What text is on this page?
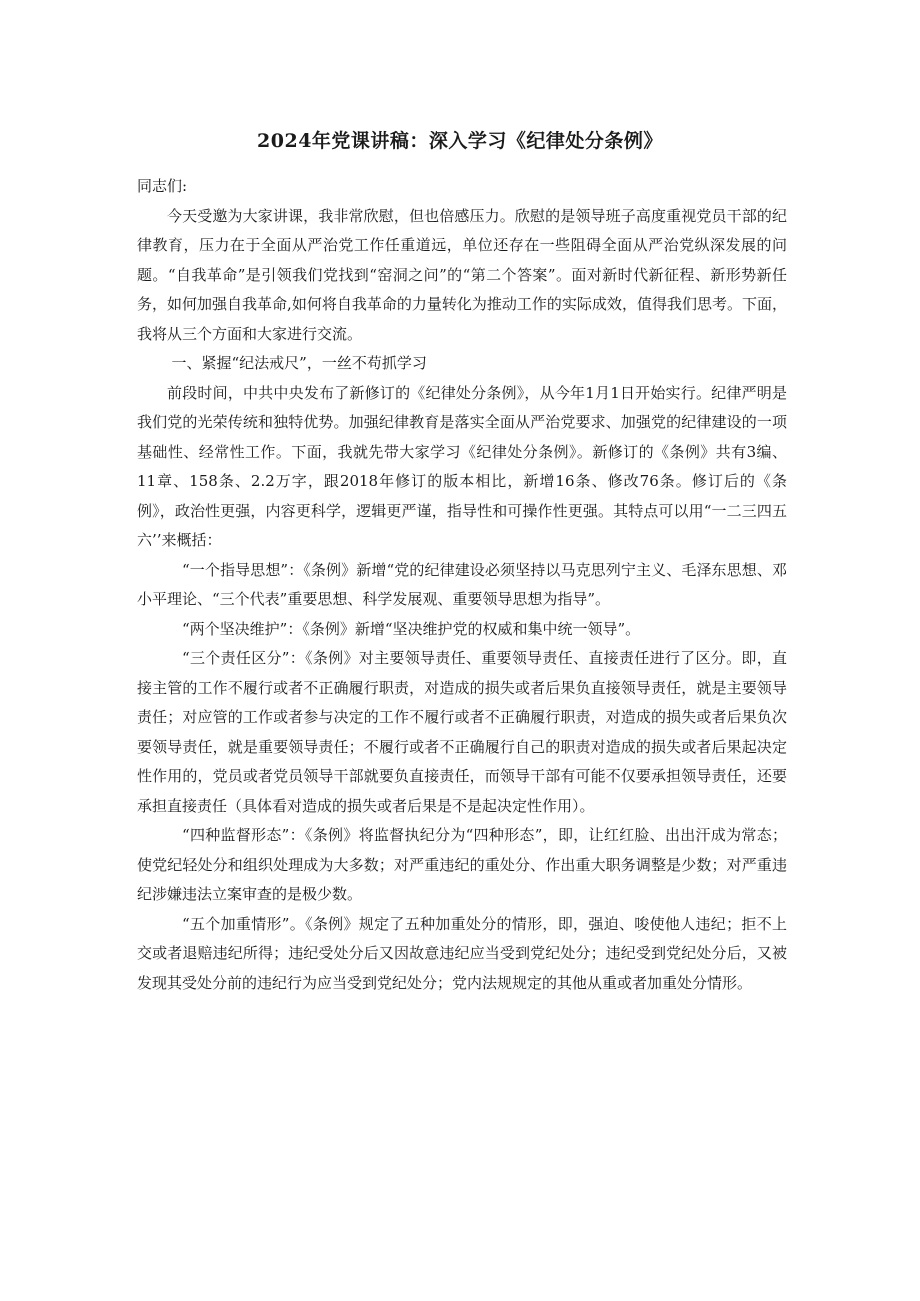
2024年党课讲稿：深入学习《纪律处分条例》

同志们:

今天受邀为大家讲课，我非常欣慰，但也倍感压力。欣慰的是领导班子高度重视党员干部的纪律教育，压力在于全面从严治党工作任重道远，单位还存在一些阻碍全面从严治党纵深发展的问题。“自我革命”是引领我们党找到“窑洞之问”的“第二个答案”。面对新时代新征程、新形势新任务，如何加强自我革命,如何将自我革命的力量转化为推动工作的实际成效，值得我们思考。下面，我将从三个方面和大家进行交流。

一、紧握“纪法戒尺”，一丝不苟抓学习

前段时间，中共中央发布了新修订的《纪律处分条例》，从今年1月1日开始实行。纪律严明是我们党的光荣传统和独特优势。加强纪律教育是落实全面从严治党要求、加强党的纪律建设的一项基础性、经常性工作。下面，我就先带大家学习《纪律处分条例》。新修订的《条例》共有3编、11章、158条、2.2万字，跟2018年修订的版本相比，新增16条、修改76条。修订后的《条例》，政治性更强，内容更科学，逻辑更严谨，指导性和可操作性更强。其特点可以用“一二三四五六’’来概括：

“一个指导思想”：《条例》新增“党的纪律建设必须坚持以马克思列宁主义、毛泽东思想、邓小平理论、“三个代表”重要思想、科学发展观、重要领导思想为指导”。

“两个坚决维护”：《条例》新增“坚决维护党的权威和集中统一领导”。

“三个责任区分”：《条例》对主要领导责任、重要领导责任、直接责任进行了区分。即，直接主管的工作不履行或者不正确履行职责，对造成的损失或者后果负直接领导责任，就是主要领导责任；对应管的工作或者参与决定的工作不履行或者不正确履行职责，对造成的损失或者后果负次要领导责任，就是重要领导责任；不履行或者不正确履行自己的职责对造成的损失或者后果起决定性作用的，党员或者党员领导干部就要负直接责任，而领导干部有可能不仅要承担领导责任，还要承担直接责任（具体看对造成的损失或者后果是不是起决定性作用）。

“四种监督形态”：《条例》将监督执纪分为“四种形态”，即，让红红脸、出出汗成为常态；使党纪轻处分和组织处理成为大多数；对严重违纪的重处分、作出重大职务调整是少数；对严重违纪涉嫌违法立案审查的是极少数。

“五个加重情形”。《条例》规定了五种加重处分的情形，即，强迫、唆使他人违纪；拒不上交或者退赔违纪所得；违纪受处分后又因故意违纪应当受到党纪处分；违纪受到党纪处分后，又被发现其受处分前的违纪行为应当受到党纪处分；党内法规规定的其他从重或者加重处分情形。
